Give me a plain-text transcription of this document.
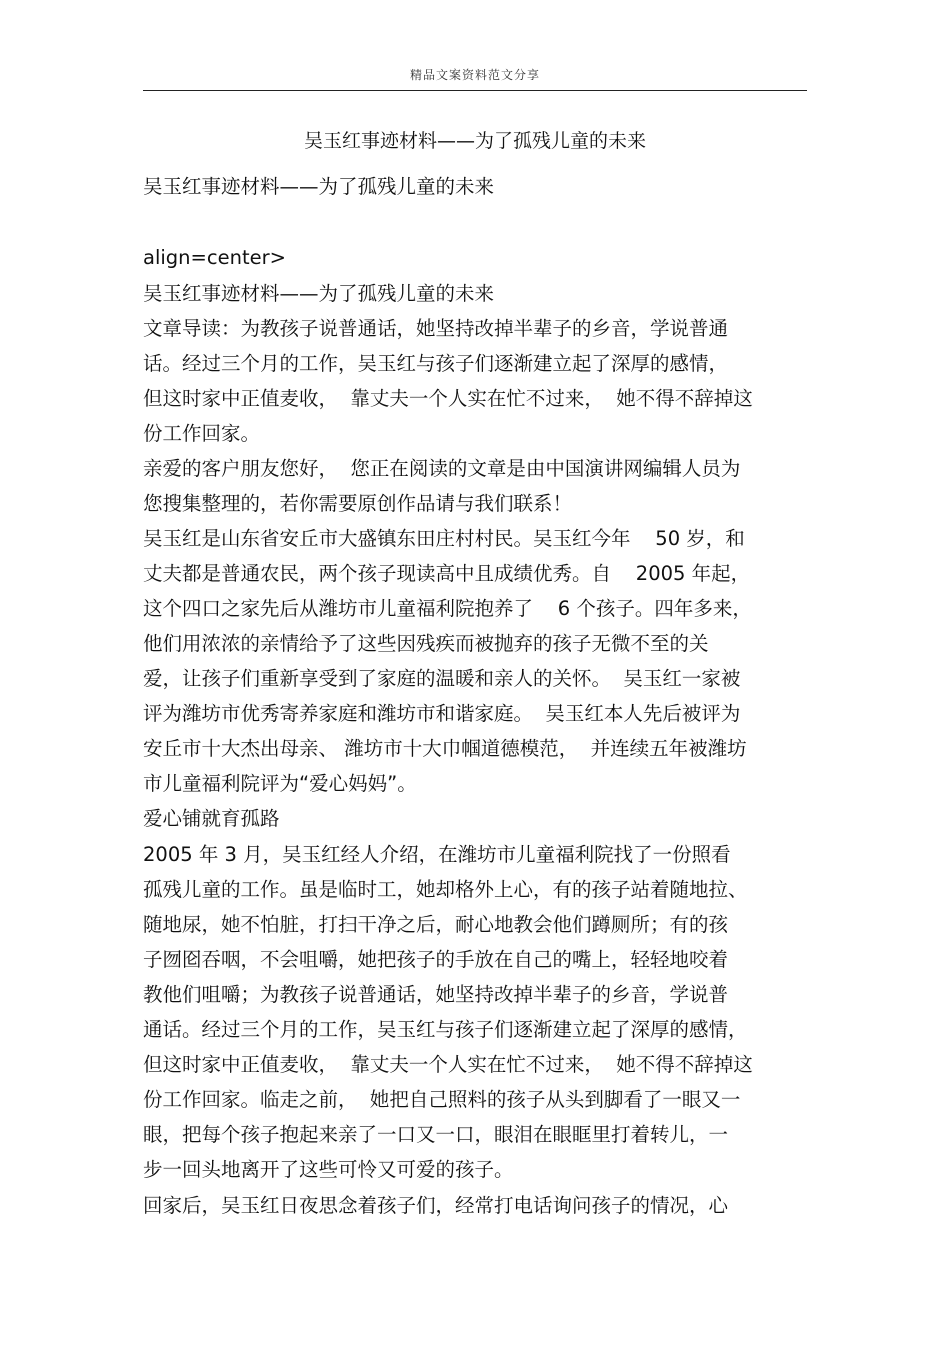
精品文案资料范文分享
吴玉红事迹材料——为了孤残儿童的未来
吴玉红事迹材料——为了孤残儿童的未来
align=center>
吴玉红事迹材料——为了孤残儿童的未来
文章导读：为教孩子说普通话，她坚持改掉半辈子的乡音，学说普通
话。经过三个月的工作，吴玉红与孩子们逐渐建立起了深厚的感情，
但这时家中正值麦收，  靠丈夫一个人实在忙不过来，  她不得不辞掉这
份工作回家。
亲爱的客户朋友您好，  您正在阅读的文章是由中国演讲网编辑人员为
您搜集整理的，若你需要原创作品请与我们联系！
吴玉红是山东省安丘市大盛镇东田庄村村民。吴玉红今年    50 岁，和
丈夫都是普通农民，两个孩子现读高中且成绩优秀。自    2005 年起，
这个四口之家先后从潍坊市儿童福利院抱养了    6 个孩子。四年多来，
他们用浓浓的亲情给予了这些因残疾而被抛弃的孩子无微不至的关
爱，让孩子们重新享受到了家庭的温暖和亲人的关怀。  吴玉红一家被
评为潍坊市优秀寄养家庭和潍坊市和谐家庭。  吴玉红本人先后被评为
安丘市十大杰出母亲、 潍坊市十大巾帼道德模范，  并连续五年被潍坊
市儿童福利院评为“爱心妈妈”。
爱心铺就育孤路
2005 年 3 月，吴玉红经人介绍，在潍坊市儿童福利院找了一份照看
孤残儿童的工作。虽是临时工，她却格外上心，有的孩子站着随地拉、
随地尿，她不怕脏，打扫干净之后，耐心地教会他们蹲厕所；有的孩
子囫囵吞咽，不会咀嚼，她把孩子的手放在自己的嘴上，轻轻地咬着
教他们咀嚼；为教孩子说普通话，她坚持改掉半辈子的乡音，学说普
通话。经过三个月的工作，吴玉红与孩子们逐渐建立起了深厚的感情，
但这时家中正值麦收，  靠丈夫一个人实在忙不过来，  她不得不辞掉这
份工作回家。临走之前，  她把自己照料的孩子从头到脚看了一眼又一
眼，把每个孩子抱起来亲了一口又一口，眼泪在眼眶里打着转儿，一
步一回头地离开了这些可怜又可爱的孩子。
回家后，吴玉红日夜思念着孩子们，经常打电话询问孩子的情况，心
